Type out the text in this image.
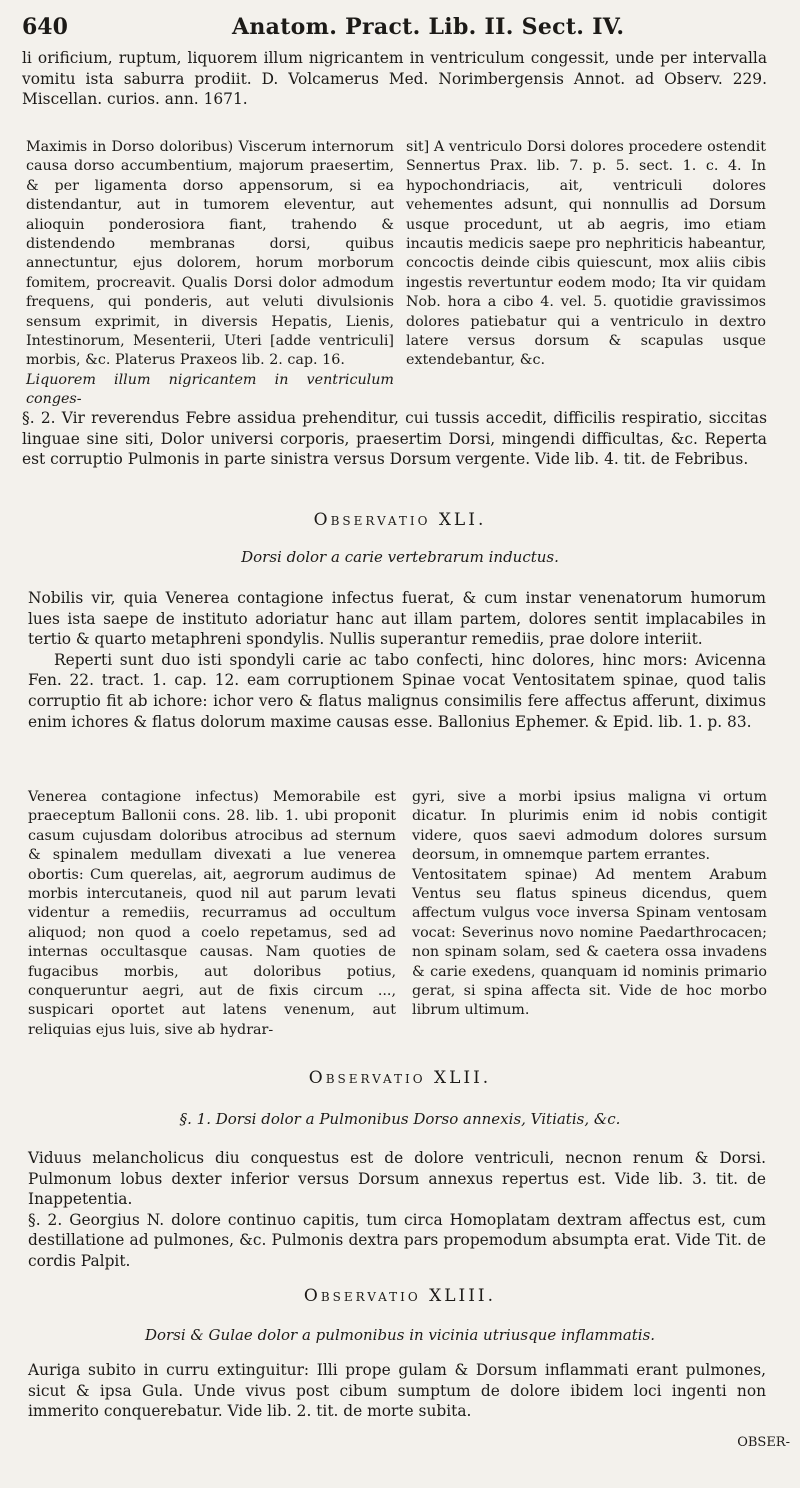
640	Anatom. Pract. Lib. II. Sect. IV.

li orificium, ruptum, liquorem illum nigricantem in ventriculum congessit, unde per intervalla vomitu ista saburra prodiit. D. Volcamerus Med. Norimbergensis Annot. ad Observ. 229. Miscellan. curios. ann. 1671.

Maximis in Dorso doloribus) Viscerum internorum causa dorso accumbentium, majorum praesertim, & per ligamenta dorso appensorum, si ea distendantur, aut in tumorem eleventur, aut alioquin ponderosiora fiant, trahendo & distendendo membranas dorsi, quibus annectuntur, ejus dolorem, horum morborum fomitem, procreavit. Qualis Dorsi dolor admodum frequens, qui ponderis, aut veluti divulsionis sensum exprimit, in diversis Hepatis, Lienis, Intestinorum, Mesenterii, Uteri [adde ventriculi] morbis, &c. Platerus Praxeos lib. 2. cap. 16.

Liquorem illum nigricantem in ventriculum conges-

sit] A ventriculo Dorsi dolores procedere ostendit Sennertus Prax. lib. 7. p. 5. sect. 1. c. 4. In hypochondriacis, ait, ventriculi dolores vehementes adsunt, qui nonnullis ad Dorsum usque procedunt, ut ab aegris, imo etiam incautis medicis saepe pro nephriticis habeantur, concoctis deinde cibis quiescunt, mox aliis cibis ingestis revertuntur eodem modo; Ita vir quidam Nob. hora a cibo 4. vel. 5. quotidie gravissimos dolores patiebatur qui a ventriculo in dextro latere versus dorsum & scapulas usque extendebantur, &c.

§. 2. Vir reverendus Febre assidua prehenditur, cui tussis accedit, difficilis respiratio, siccitas linguae sine siti, Dolor universi corporis, praesertim Dorsi, mingendi difficultas, &c. Reperta est corruptio Pulmonis in parte sinistra versus Dorsum vergente. Vide lib. 4. tit. de Febribus.

Observatio XLI.
Dorsi dolor a carie vertebrarum inductus.

Nobilis vir, quia Venerea contagione infectus fuerat, & cum instar venenatorum humorum lues ista saepe de instituto adoriatur hanc aut illam partem, dolores sentit implacabiles in tertio & quarto metaphreni spondylis. Nullis superantur remediis, prae dolore interiit.

Reperti sunt duo isti spondyli carie ac tabo confecti, hinc dolores, hinc mors: Avicenna Fen. 22. tract. 1. cap. 12. eam corruptionem Spinae vocat Ventositatem spinae, quod talis corruptio fit ab ichore: ichor vero & flatus malignus consimilis fere affectus afferunt, diximus enim ichores & flatus dolorum maxime causas esse. Ballonius Ephemer. & Epid. lib. 1. p. 83.

Venerea contagione infectus) Memorabile est praeceptum Ballonii cons. 28. lib. 1. ubi proponit casum cujusdam doloribus atrocibus ad sternum & spinalem medullam divexati a lue venerea obortis: Cum querelas, ait, aegrorum audimus de morbis intercutaneis, quod nil aut parum levati videntur a remediis, recurramus ad occultum aliquod; non quod a coelo repetamus, sed ad internas occultasque causas. Nam quoties de fugacibus morbis, aut doloribus potius, conqueruntur aegri, aut de fixis circum ..., suspicari oportet aut latens venenum, aut reliquias ejus luis, sive ab hydrar-

gyri, sive a morbi ipsius maligna vi ortum dicatur. In plurimis enim id nobis contigit videre, quos saevi admodum dolores sursum deorsum, in omnemque partem errantes.

Ventositatem spinae) Ad mentem Arabum Ventus seu flatus spineus dicendus, quem affectum vulgus voce inversa Spinam ventosam vocat: Severinus novo nomine Paedarthrocacen; non spinam solam, sed & caetera ossa invadens & carie exedens, quanquam id nominis primario gerat, si spina affecta sit. Vide de hoc morbo librum ultimum.

Observatio XLII.
§. 1. Dorsi dolor a Pulmonibus Dorso annexis, Vitiatis, &c.

Viduus melancholicus diu conquestus est de dolore ventriculi, necnon renum & Dorsi. Pulmonum lobus dexter inferior versus Dorsum annexus repertus est. Vide lib. 3. tit. de Inappetentia.

§. 2. Georgius N. dolore continuo capitis, tum circa Homoplatam dextram affectus est, cum destillatione ad pulmones, &c. Pulmonis dextra pars propemodum absumpta erat. Vide Tit. de cordis Palpit.

Observatio XLIII.
Dorsi & Gulae dolor a pulmonibus in vicinia utriusque inflammatis.

Auriga subito in curru extinguitur: Illi prope gulam & Dorsum inflammati erant pulmones, sicut & ipsa Gula. Unde vivus post cibum sumptum de dolore ibidem loci ingenti non immerito conquerebatur. Vide lib. 2. tit. de morte subita.

OBSER-
